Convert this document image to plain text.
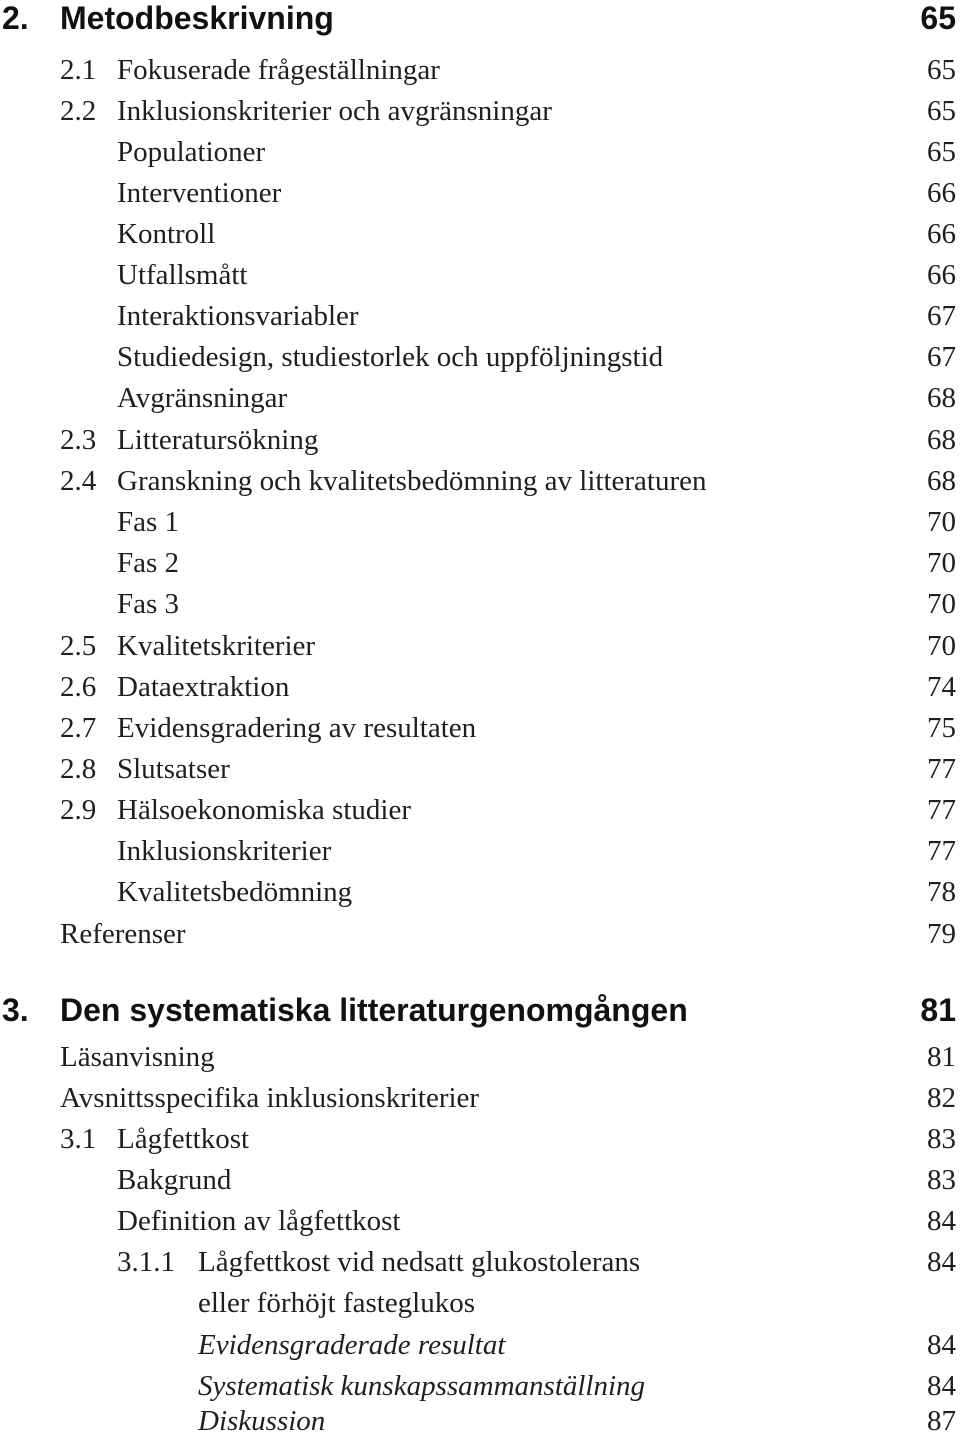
2. Metodbeskrivning	65
2.1 Fokuserade frågeställningar	65
2.2 Inklusionskriterier och avgränsningar	65
Populationer	65
Interventioner	66
Kontroll	66
Utfallsmått	66
Interaktionsvariabler	67
Studiedesign, studiestorlek och uppföljningstid	67
Avgränsningar	68
2.3 Litteratursökning	68
2.4 Granskning och kvalitetsbedömning av litteraturen	68
Fas 1	70
Fas 2	70
Fas 3	70
2.5 Kvalitetskriterier	70
2.6 Dataextraktion	74
2.7 Evidensgradering av resultaten	75
2.8 Slutsatser	77
2.9 Hälsoekonomiska studier	77
Inklusionskriterier	77
Kvalitetsbedömning	78
Referenser	79
3. Den systematiska litteraturgenomgången	81
Läsanvisning	81
Avsnittsspecifika inklusionskriterier	82
3.1 Lågfettkost	83
Bakgrund	83
Definition av lågfettkost	84
3.1.1 Lågfettkost vid nedsatt glukostolerans	84
eller förhöjt fasteglukos
Evidensgraderade resultat	84
Systematisk kunskapssammanställning	84
Diskussion	87
